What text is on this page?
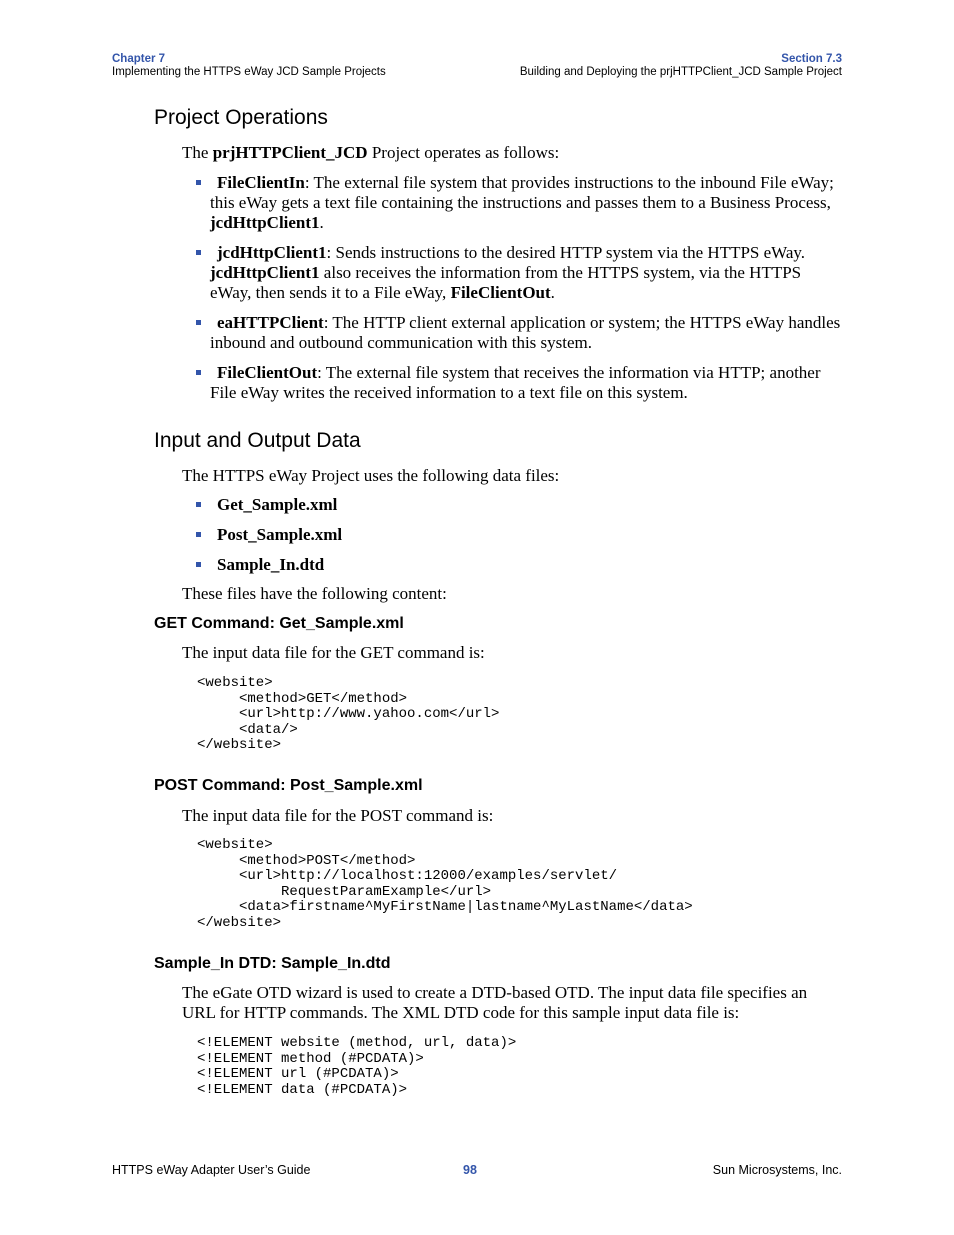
Chapter 7
Implementing the HTTPS eWay JCD Sample Projects
Section 7.3
Building and Deploying the prjHTTPClient_JCD Sample Project
Project Operations

The prjHTTPClient_JCD Project operates as follows:

FileClientIn: The external file system that provides instructions to the inbound File eWay; this eWay gets a text file containing the instructions and passes them to a Business Process, jcdHttpClient1.
jcdHttpClient1: Sends instructions to the desired HTTP system via the HTTPS eWay. jcdHttpClient1 also receives the information from the HTTPS system, via the HTTPS eWay, then sends it to a File eWay, FileClientOut.
eaHTTPClient: The HTTP client external application or system; the HTTPS eWay handles inbound and outbound communication with this system.
FileClientOut: The external file system that receives the information via HTTP; another File eWay writes the received information to a text file on this system.
Input and Output Data

The HTTPS eWay Project uses the following data files:

Get_Sample.xml
Post_Sample.xml
Sample_In.dtd

These files have the following content:

GET Command: Get_Sample.xml

The input data file for the GET command is:

<website>
<method>GET</method>
<url>http://www.yahoo.com</url>
<data/>
</website>
POST Command: Post_Sample.xml

The input data file for the POST command is:

<website>
<method>POST</method>
<url>http://localhost:12000/examples/servlet/
RequestParamExample</url>
<data>firstname^MyFirstName|lastname^MyLastName</data>
</website>
Sample_In DTD: Sample_In.dtd

The eGate OTD wizard is used to create a DTD-based OTD. The input data file specifies an URL for HTTP commands. The XML DTD code for this sample input data file is:

<!ELEMENT website (method, url, data)>
<!ELEMENT method (#PCDATA)>
<!ELEMENT url (#PCDATA)>
<!ELEMENT data (#PCDATA)>
HTTPS eWay Adapter User’s Guide	98	Sun Microsystems, Inc.
